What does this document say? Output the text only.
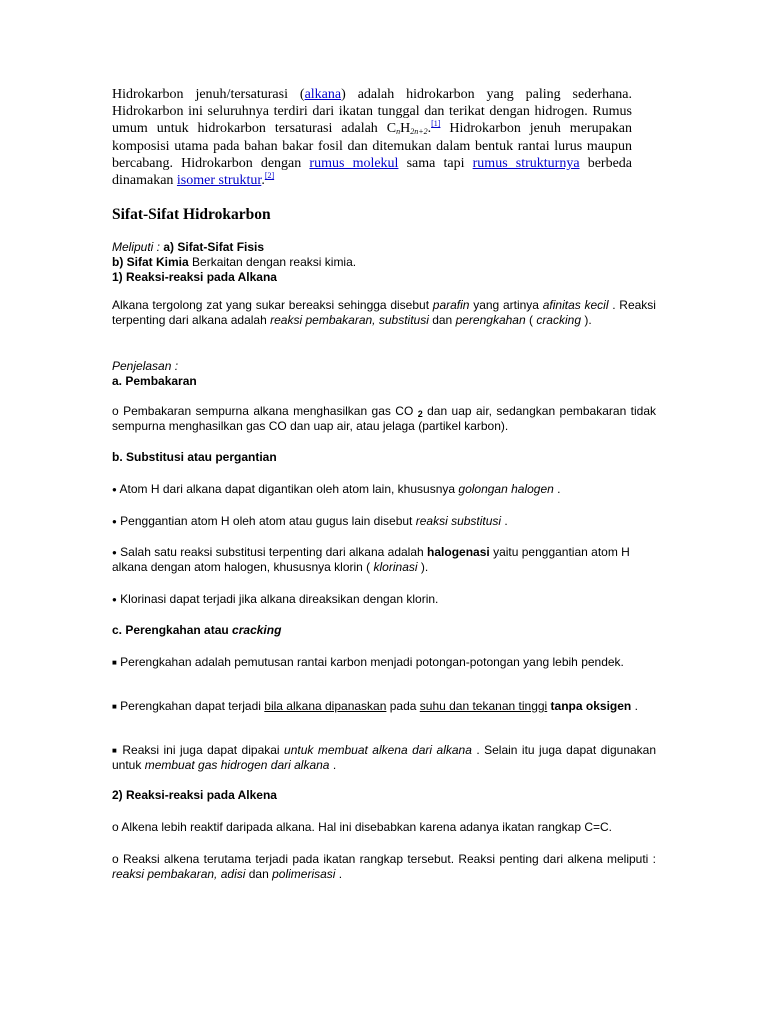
Hidrokarbon jenuh/tersaturasi (alkana) adalah hidrokarbon yang paling sederhana. Hidrokarbon ini seluruhnya terdiri dari ikatan tunggal dan terikat dengan hidrogen. Rumus umum untuk hidrokarbon tersaturasi adalah $C_nH_{2n+2}.[1]$ Hidrokarbon jenuh merupakan komposisi utama pada bahan bakar fosil dan ditemukan dalam bentuk rantai lurus maupun bercabang. Hidrokarbon dengan rumus molekul sama tapi rumus strukturnya berbeda dinamakan isomer struktur.[2]

Sifat-Sifat Hidrokarbon
Meliputi : a) Sifat-Sifat Fisis
b) Sifat Kimia Berkaitan dengan reaksi kimia.
1) Reaksi-reaksi pada Alkana
Alkana tergolong zat yang sukar bereaksi sehingga disebut parafin yang artinya afinitas kecil . Reaksi terpenting dari alkana adalah reaksi pembakaran, substitusi dan perengkahan ( cracking ).
Penjelasan :
a. Pembakaran
o Pembakaran sempurna alkana menghasilkan gas CO $_2$ dan uap air, sedangkan pembakaran tidak sempurna menghasilkan gas CO dan uap air, atau jelaga (partikel karbon).
b. Substitusi atau pergantian
● Atom H dari alkana dapat digantikan oleh atom lain, khususnya golongan halogen .
● Penggantian atom H oleh atom atau gugus lain disebut reaksi substitusi .
● Salah satu reaksi substitusi terpenting dari alkana adalah halogenasi yaitu penggantian atom H alkana dengan atom halogen, khususnya klorin ( klorinasi ).
● Klorinasi dapat terjadi jika alkana direaksikan dengan klorin.
c. Perengkahan atau cracking
■ Perengkahan adalah pemutusan rantai karbon menjadi potongan-potongan yang lebih pendek.
■ Perengkahan dapat terjadi bila alkana dipanaskan pada suhu dan tekanan tinggi tanpa oksigen .
■ Reaksi ini juga dapat dipakai untuk membuat alkena dari alkana . Selain itu juga dapat digunakan untuk membuat gas hidrogen dari alkana .
2) Reaksi-reaksi pada Alkena
o Alkena lebih reaktif daripada alkana. Hal ini disebabkan karena adanya ikatan rangkap C=C.
o Reaksi alkena terutama terjadi pada ikatan rangkap tersebut. Reaksi penting dari alkena meliputi : reaksi pembakaran, adisi dan polimerisasi .
